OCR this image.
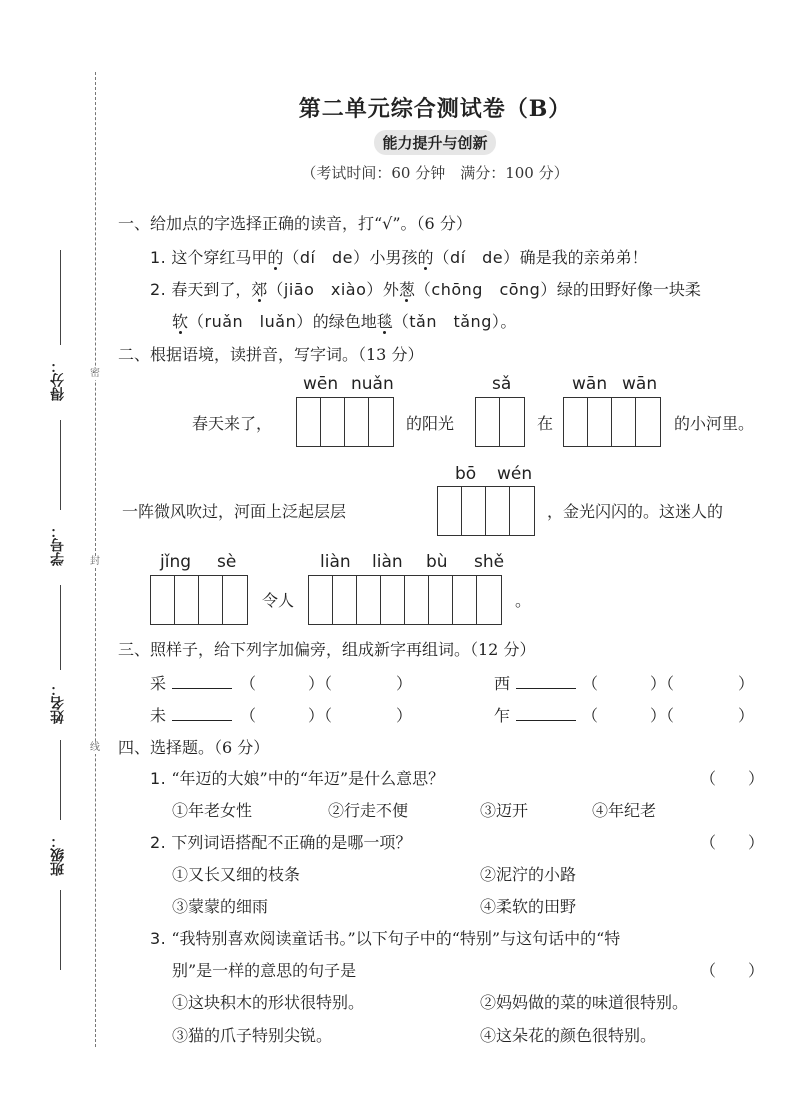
密
封
线
得分：
学号：
姓名：
班级：
第二单元综合测试卷（B）
能力提升与创新
（考试时间：60 分钟　满分：100 分）
一、给加点的字选择正确的读音，打“√”。（6 分）
1. 这个穿红马甲的（dí　de）小男孩的（dí　de）确是我的亲弟弟！
2. 春天到了，郊（jiāo　xiào）外葱（chōng　cōng）绿的田野好像一块柔
软（ruǎn　luǎn）的绿色地毯（tǎn　tǎng）。
二、根据语境，读拼音，写字词。（13 分）
wēn nuǎn	sǎ	wān wān
春天来了，	的阳光	在	的小河里。
bō wén
一阵微风吹过，河面上泛起层层	，金光闪闪的。这迷人的
jǐng sè	liàn liàn bù shě
令人	。
三、照样子，给下列字加偏旁，组成新字再组词。（12 分）
采	（	）（	）	西	（	）（	）
未	（	）（	）	乍	（	）（	）
四、选择题。（6 分）
1. “年迈的大娘”中的“年迈”是什么意思？	（　　）
①年老女性	②行走不便	③迈开	④年纪老
2. 下列词语搭配不正确的是哪一项？	（　　）
①又长又细的枝条	②泥泞的小路
③蒙蒙的细雨	④柔软的田野
3. “我特别喜欢阅读童话书。”以下句子中的“特别”与这句话中的“特
别”是一样的意思的句子是	（　　）
①这块积木的形状很特别。	②妈妈做的菜的味道很特别。
③猫的爪子特别尖锐。	④这朵花的颜色很特别。
